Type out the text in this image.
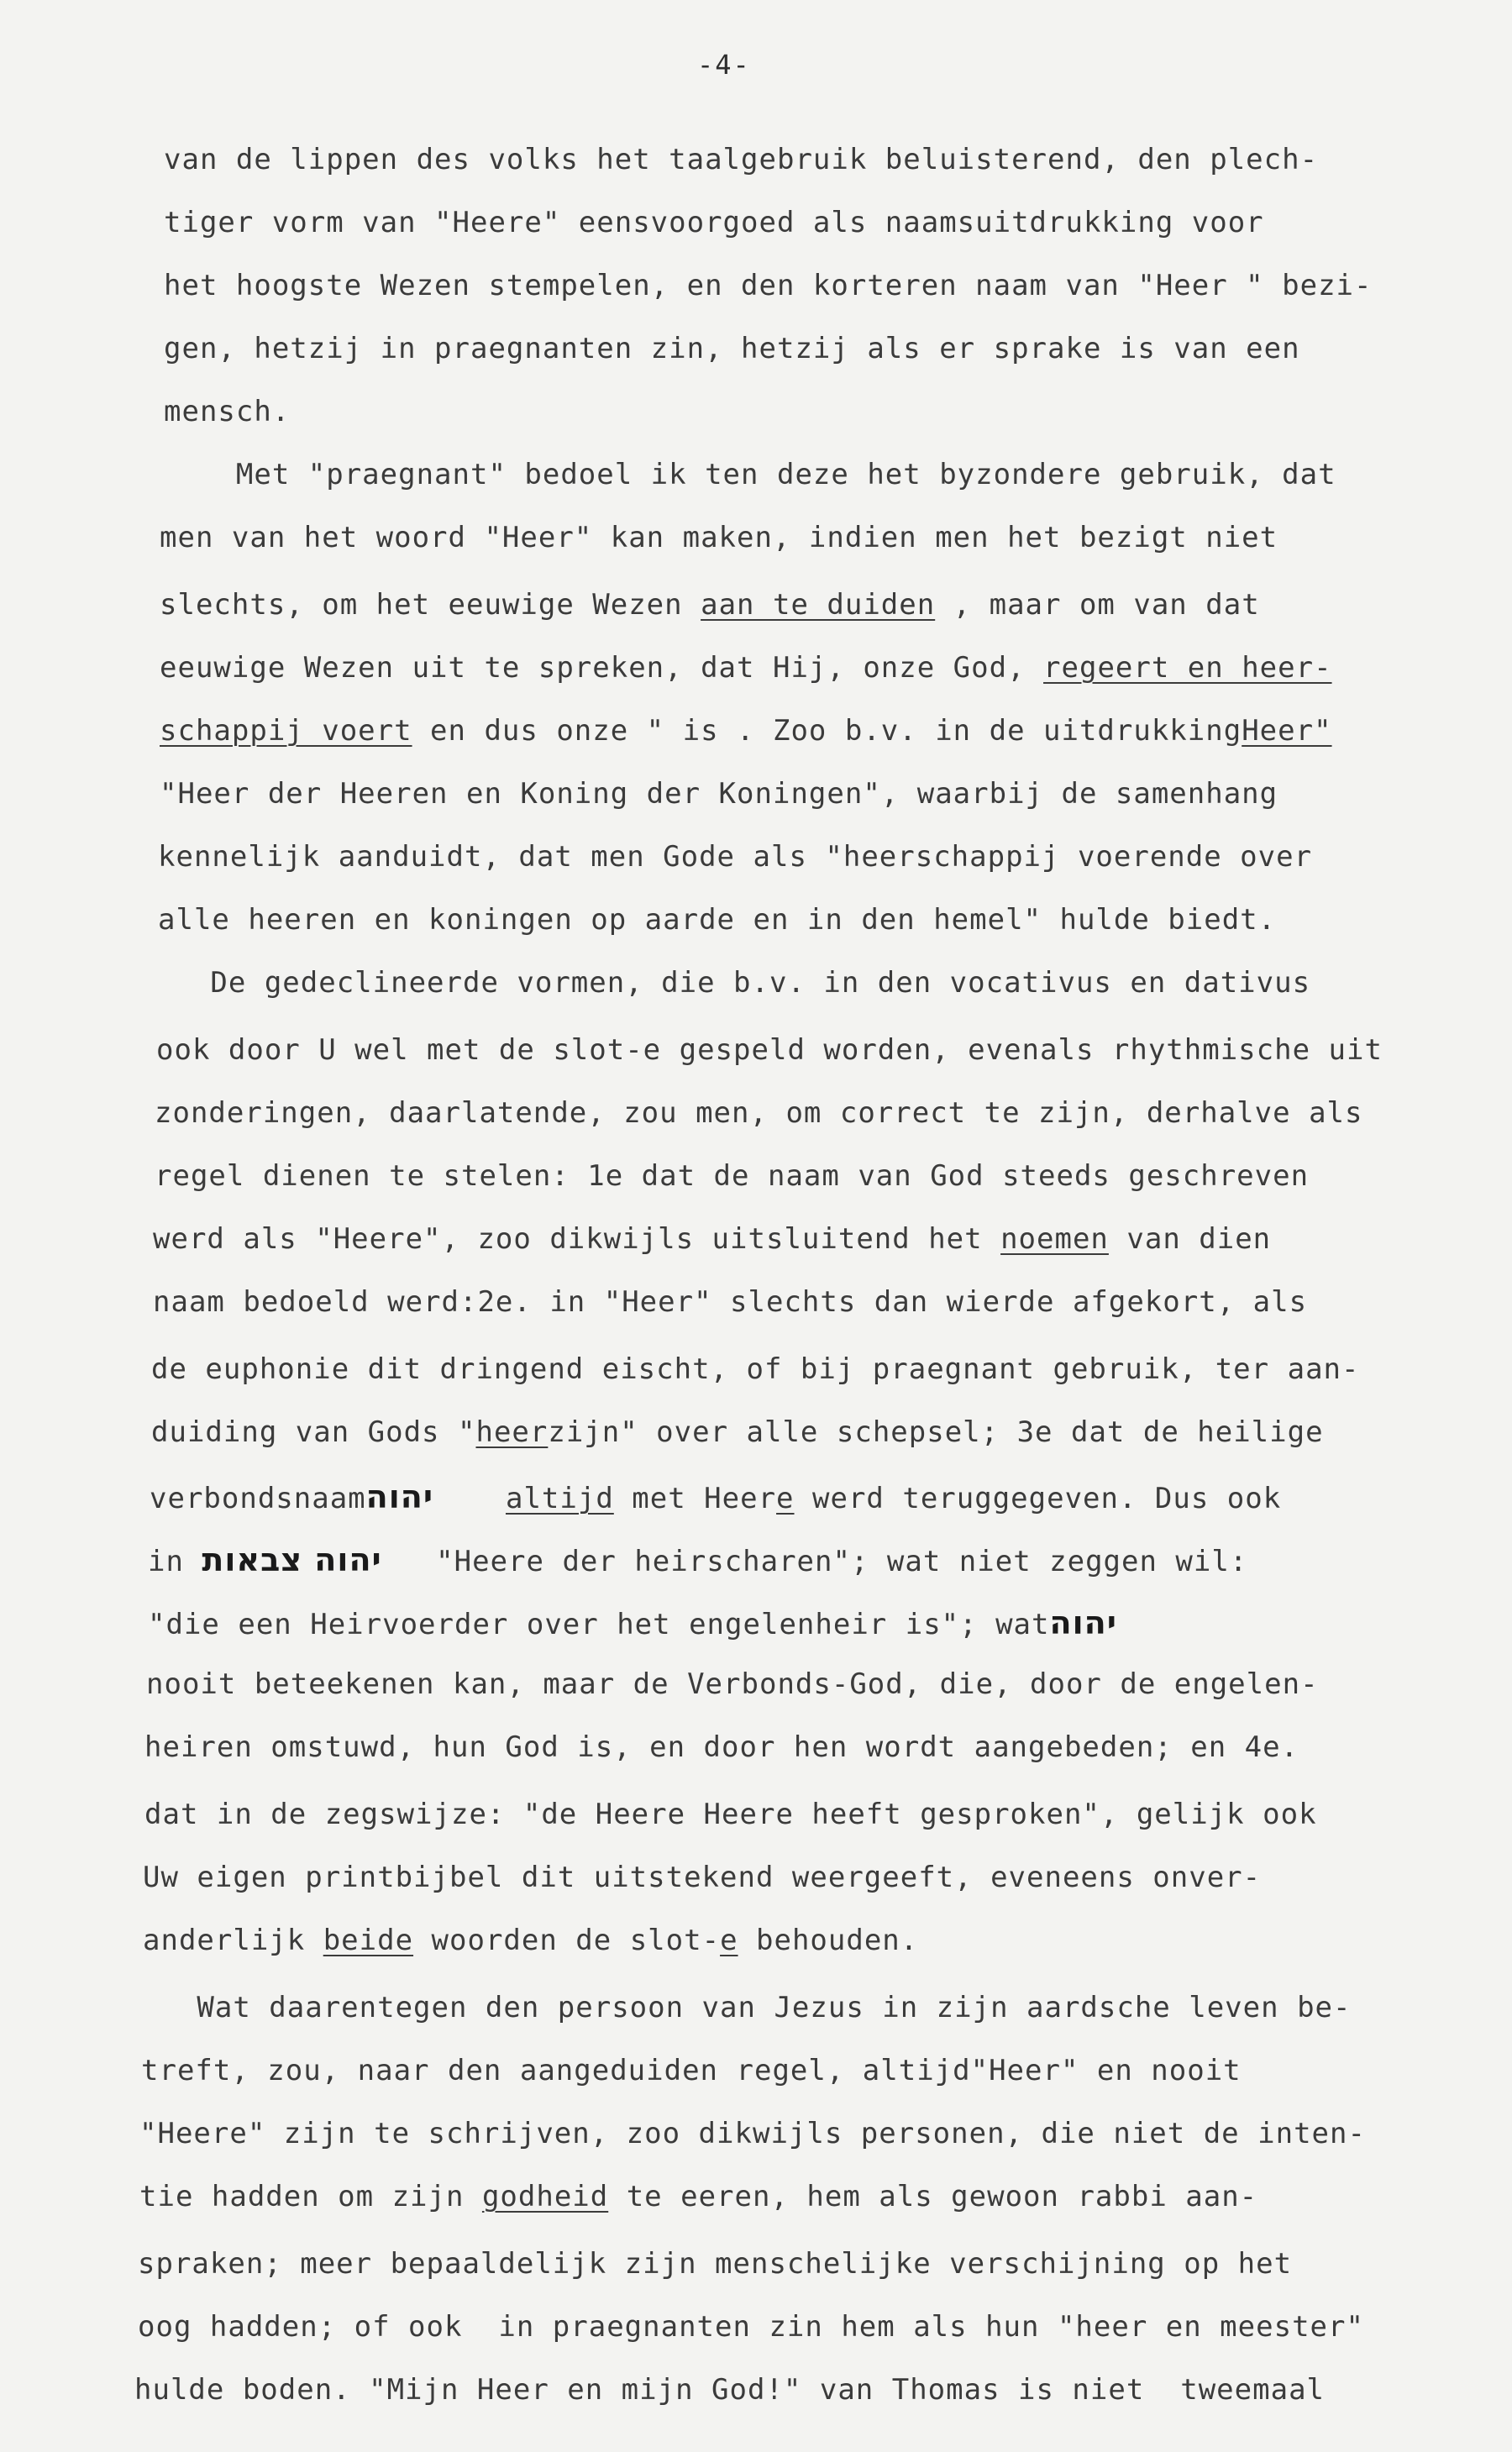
-4-
van de lippen des volks het taalgebruik beluisterend, den plech-
tiger vorm van "Heere" eensvoorgoed als naamsuitdrukking voor
het hoogste Wezen stempelen, en den korteren naam van "Heer " bezi-
gen, hetzij in praegnanten zin, hetzij als er sprake is van een
mensch.
Met "praegnant" bedoel ik ten deze het byzondere gebruik, dat
men van het woord "Heer" kan maken, indien men het bezigt niet
slechts, om het eeuwige Wezen aan te duiden , maar om van dat
eeuwige Wezen uit te spreken, dat Hij, onze God, regeert en heer-
schappij voert en dus onze " is . Zoo b.v. in de uitdrukkingHeer"
"Heer der Heeren en Koning der Koningen", waarbij de samenhang
kennelijk aanduidt, dat men Gode als "heerschappij voerende over
alle heeren en koningen op aarde en in den hemel" hulde biedt.
De gedeclineerde vormen, die b.v. in den vocativus en dativus
ook door U wel met de slot-e gespeld worden, evenals rhythmische uit
zonderingen, daarlatende, zou men, om correct te zijn, derhalve als
regel dienen te stelen: 1e dat de naam van God steeds geschreven
werd als "Heere", zoo dikwijls uitsluitend het noemen van dien
naam bedoeld werd:2e. in "Heer" slechts dan wierde afgekort, als
de euphonie dit dringend eischt, of bij praegnant gebruik, ter aan-
duiding van Gods "heerzijn" over alle schepsel; 3e dat de heilige
verbondsnaamיהוה	altijd met Heere werd teruggegeven. Dus ook
in יהוה צבאות   "Heere der heirscharen"; wat niet zeggen wil:
"die een Heirvoerder over het engelenheir is"; watיהוה
nooit beteekenen kan, maar de Verbonds-God, die, door de engelen-
heiren omstuwd, hun God is, en door hen wordt aangebeden; en 4e.
dat in de zegswijze: "de Heere Heere heeft gesproken", gelijk ook
Uw eigen printbijbel dit uitstekend weergeeft, eveneens onver-
anderlijk beide woorden de slot-e behouden.
Wat daarentegen den persoon van Jezus in zijn aardsche leven be-
treft, zou, naar den aangeduiden regel, altijd"Heer" en nooit
"Heere" zijn te schrijven, zoo dikwijls personen, die niet de inten-
tie hadden om zijn godheid te eeren, hem als gewoon rabbi aan-
spraken; meer bepaaldelijk zijn menschelijke verschijning op het
oog hadden; of ook  in praegnanten zin hem als hun "heer en meester"
hulde boden. "Mijn Heer en mijn God!" van Thomas is niet  tweemaal
